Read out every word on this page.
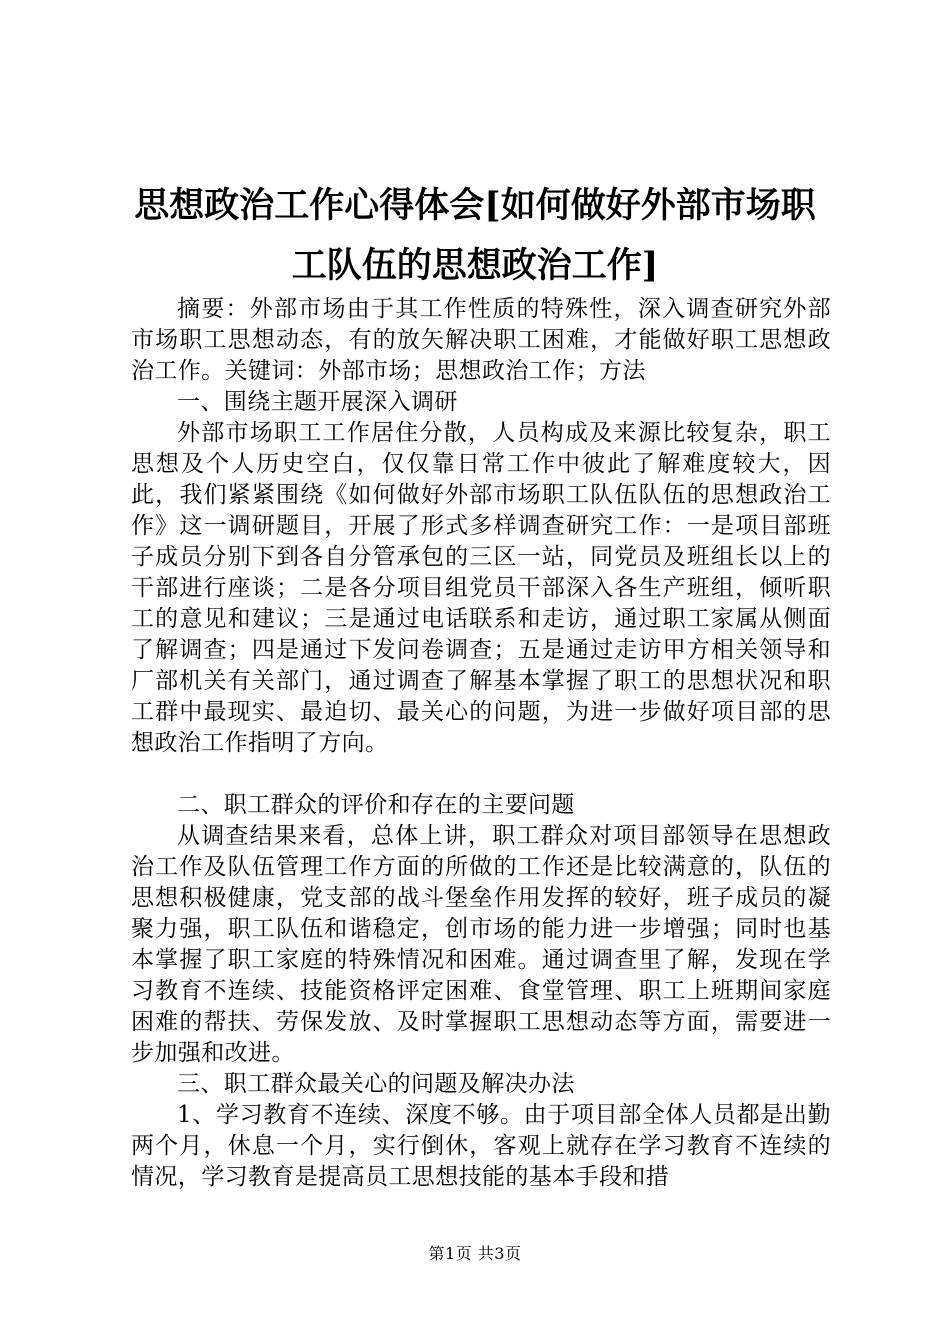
思想政治工作心得体会[如何做好外部市场职
工队伍的思想政治工作]

摘要：外部市场由于其工作性质的特殊性，深入调查研究外部市场职工思想动态，有的放矢解决职工困难，才能做好职工思想政治工作。关键词：外部市场；思想政治工作；方法

一、围绕主题开展深入调研

外部市场职工工作居住分散，人员构成及来源比较复杂，职工思想及个人历史空白，仅仅靠日常工作中彼此了解难度较大，因此，我们紧紧围绕《如何做好外部市场职工队伍队伍的思想政治工作》这一调研题目，开展了形式多样调查研究工作：一是项目部班子成员分别下到各自分管承包的三区一站，同党员及班组长以上的干部进行座谈；二是各分项目组党员干部深入各生产班组，倾听职工的意见和建议；三是通过电话联系和走访，通过职工家属从侧面了解调查；四是通过下发问卷调查；五是通过走访甲方相关领导和厂部机关有关部门，通过调查了解基本掌握了职工的思想状况和职工群中最现实、最迫切、最关心的问题，为进一步做好项目部的思想政治工作指明了方向。

二、职工群众的评价和存在的主要问题

从调查结果来看，总体上讲，职工群众对项目部领导在思想政治工作及队伍管理工作方面的所做的工作还是比较满意的，队伍的思想积极健康，党支部的战斗堡垒作用发挥的较好，班子成员的凝聚力强，职工队伍和谐稳定，创市场的能力进一步增强；同时也基本掌握了职工家庭的特殊情况和困难。通过调查里了解，发现在学习教育不连续、技能资格评定困难、食堂管理、职工上班期间家庭困难的帮扶、劳保发放、及时掌握职工思想动态等方面，需要进一步加强和改进。

三、职工群众最关心的问题及解决办法

1、学习教育不连续、深度不够。由于项目部全体人员都是出勤两个月，休息一个月，实行倒休，客观上就存在学习教育不连续的情况，学习教育是提高员工思想技能的基本手段和措

第1页 共3页
